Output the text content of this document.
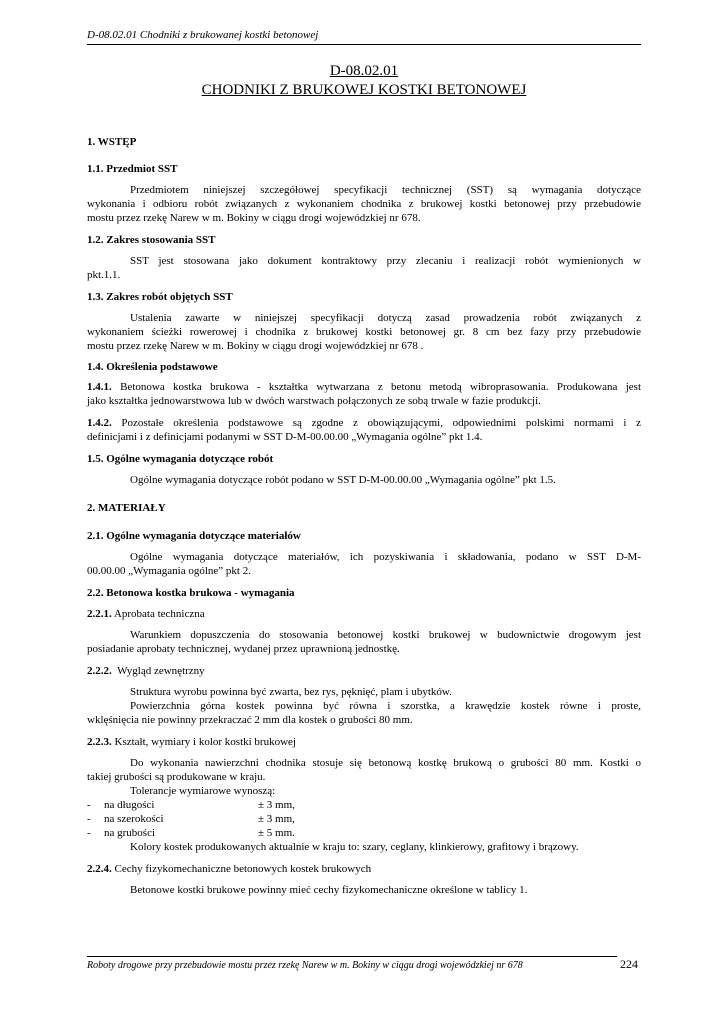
D-08.02.01 Chodniki z brukowanej kostki betonowej
D-08.02.01
CHODNIKI Z BRUKOWEJ KOSTKI BETONOWEJ
1. WSTĘP
1.1. Przedmiot SST
Przedmiotem niniejszej szczegółowej specyfikacji technicznej (SST) są wymagania dotyczące
wykonania i odbioru robót związanych z wykonaniem chodnika z brukowej kostki betonowej przy przebudowie
mostu przez rzekę Narew w m. Bokiny w ciągu drogi wojewódzkiej nr 678.
1.2. Zakres stosowania SST
SST jest stosowana jako dokument kontraktowy przy zlecaniu i realizacji robót wymienionych w
pkt.1.1.
1.3. Zakres robót objętych SST
Ustalenia zawarte w niniejszej specyfikacji dotyczą zasad prowadzenia robót związanych z
wykonaniem ścieżki rowerowej i chodnika z brukowej kostki betonowej gr. 8 cm bez fazy przy przebudowie
mostu przez rzekę Narew w m. Bokiny w ciągu drogi wojewódzkiej nr 678 .
1.4. Określenia podstawowe
1.4.1. Betonowa kostka brukowa - kształtka wytwarzana z betonu metodą wibroprasowania. Produkowana jest
jako kształtka jednowarstwowa lub w dwóch warstwach połączonych ze sobą trwale w fazie produkcji.
1.4.2. Pozostałe określenia podstawowe są zgodne z obowiązującymi, odpowiednimi polskimi normami i z
definicjami i z definicjami podanymi w SST D-M-00.00.00 „Wymagania ogólne” pkt 1.4.
1.5. Ogólne wymagania dotyczące robót
Ogólne wymagania dotyczące robót podano w SST D-M-00.00.00 „Wymagania ogólne” pkt 1.5.
2. MATERIAŁY
2.1. Ogólne wymagania dotyczące materiałów
Ogólne wymagania dotyczące materiałów, ich pozyskiwania i składowania, podano w SST D-M-
00.00.00 „Wymagania ogólne” pkt 2.
2.2. Betonowa kostka brukowa - wymagania
2.2.1. Aprobata techniczna
Warunkiem dopuszczenia do stosowania betonowej kostki brukowej w budownictwie drogowym jest
posiadanie aprobaty technicznej, wydanej przez uprawnioną jednostkę.
2.2.2. Wygląd zewnętrzny
Struktura wyrobu powinna być zwarta, bez rys, pęknięć, plam i ubytków.
Powierzchnia górna kostek powinna być równa i szorstka, a krawędzie kostek równe i proste,
wklęśnięcia nie powinny przekraczać 2 mm dla kostek o grubości 80 mm.
2.2.3. Kształt, wymiary i kolor kostki brukowej
Do wykonania nawierzchni chodnika stosuje się betonową kostkę brukową o grubości 80 mm. Kostki o
takiej grubości są produkowane w kraju.
Tolerancje wymiarowe wynoszą:
- na długości	± 3 mm,
- na szerokości	± 3 mm,
- na grubości	± 5 mm.
Kolory kostek produkowanych aktualnie w kraju to: szary, ceglany, klinkierowy, grafitowy i brązowy.
2.2.4. Cechy fizykomechaniczne betonowych kostek brukowych
Betonowe kostki brukowe powinny mieć cechy fizykomechaniczne określone w tablicy 1.
Roboty drogowe przy przebudowie mostu przez rzekę Narew w m. Bokiny w ciągu drogi wojewódzkiej nr 678	224
